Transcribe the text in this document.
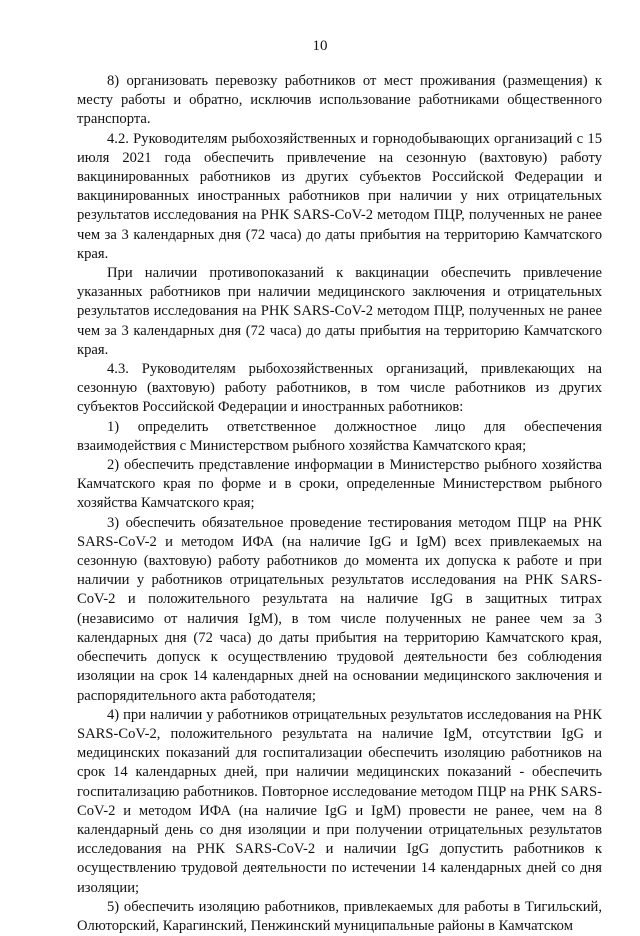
10

8) организовать перевозку работников от мест проживания (размещения) к месту работы и обратно, исключив использование работниками общественного транспорта.

4.2. Руководителям рыбохозяйственных и горнодобывающих организаций с 15 июля 2021 года обеспечить привлечение на сезонную (вахтовую) работу вакцинированных работников из других субъектов Российской Федерации и вакцинированных иностранных работников при наличии у них отрицательных результатов исследования на РНК SARS-CoV-2 методом ПЦР, полученных не ранее чем за 3 календарных дня (72 часа) до даты прибытия на территорию Камчатского края.

При наличии противопоказаний к вакцинации обеспечить привлечение указанных работников при наличии медицинского заключения и отрицательных результатов исследования на РНК SARS-CoV-2 методом ПЦР, полученных не ранее чем за 3 календарных дня (72 часа) до даты прибытия на территорию Камчатского края.

4.3. Руководителям рыбохозяйственных организаций, привлекающих на сезонную (вахтовую) работу работников, в том числе работников из других субъектов Российской Федерации и иностранных работников:

1) определить ответственное должностное лицо для обеспечения взаимодействия с Министерством рыбного хозяйства Камчатского края;

2) обеспечить представление информации в Министерство рыбного хозяйства Камчатского края по форме и в сроки, определенные Министерством рыбного хозяйства Камчатского края;

3) обеспечить обязательное проведение тестирования методом ПЦР на РНК SARS-CoV-2 и методом ИФА (на наличие IgG и IgM) всех привлекаемых на сезонную (вахтовую) работу работников до момента их допуска к работе и при наличии у работников отрицательных результатов исследования на РНК SARS-CoV-2 и положительного результата на наличие IgG в защитных титрах (независимо от наличия IgM), в том числе полученных не ранее чем за 3 календарных дня (72 часа) до даты прибытия на территорию Камчатского края, обеспечить допуск к осуществлению трудовой деятельности без соблюдения изоляции на срок 14 календарных дней на основании медицинского заключения и распорядительного акта работодателя;

4) при наличии у работников отрицательных результатов исследования на РНК SARS-CoV-2, положительного результата на наличие IgM, отсутствии IgG и медицинских показаний для госпитализации обеспечить изоляцию работников на срок 14 календарных дней, при наличии медицинских показаний - обеспечить госпитализацию работников. Повторное исследование методом ПЦР на РНК SARS-CoV-2 и методом ИФА (на наличие IgG и IgM) провести не ранее, чем на 8 календарный день со дня изоляции и при получении отрицательных результатов исследования на РНК SARS-CoV-2 и наличии IgG допустить работников к осуществлению трудовой деятельности по истечении 14 календарных дней со дня изоляции;

5) обеспечить изоляцию работников, привлекаемых для работы в Тигильский, Олюторский, Карагинский, Пенжинский муниципальные районы в Камчатском
